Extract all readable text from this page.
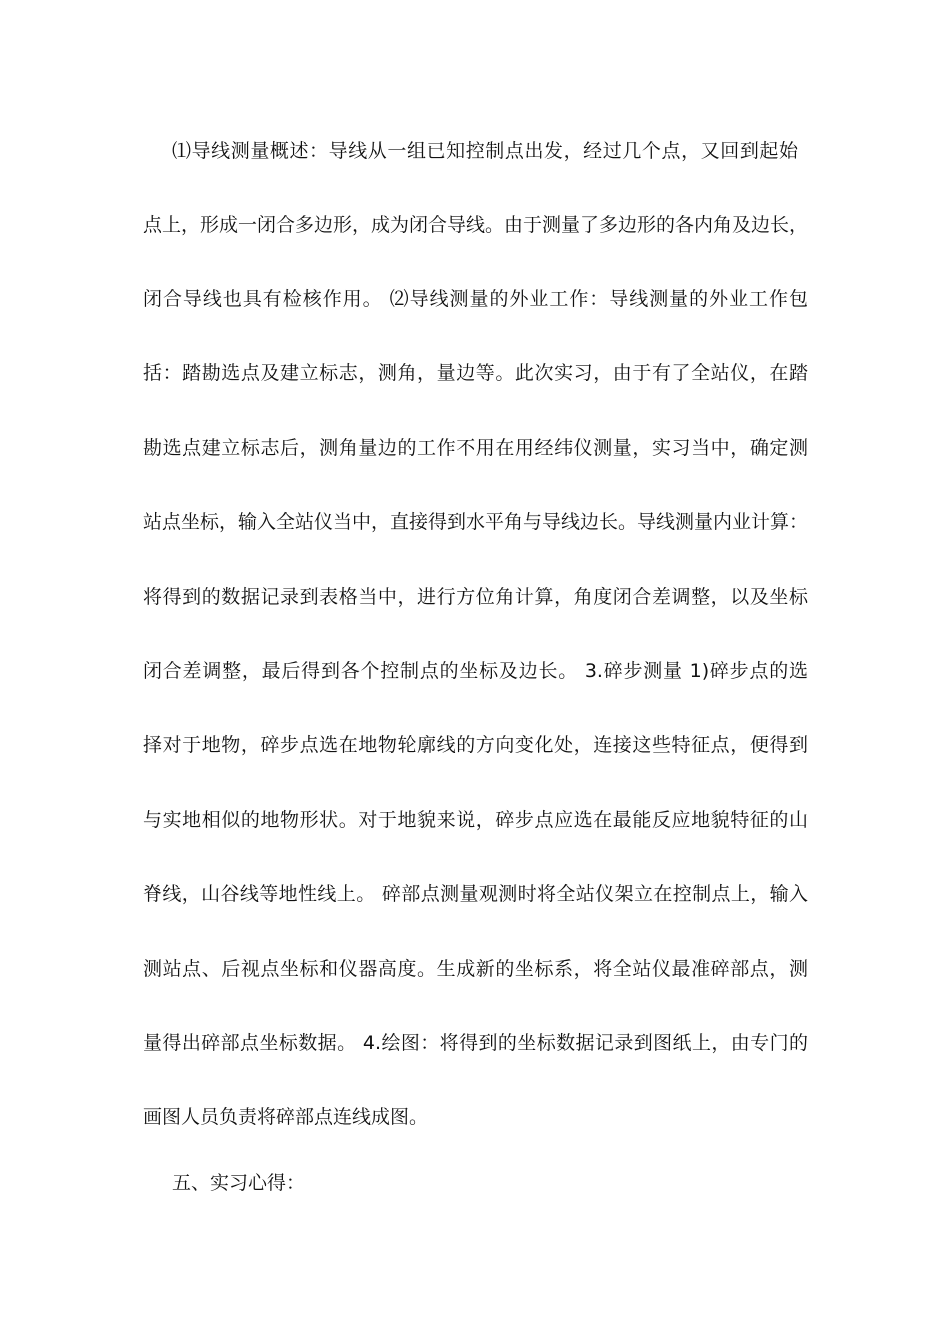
⑴导线测量概述：导线从一组已知控制点出发，经过几个点，又回到起始
点上，形成一闭合多边形，成为闭合导线。由于测量了多边形的各内角及边长，
闭合导线也具有检核作用。 ⑵导线测量的外业工作：导线测量的外业工作包
括：踏勘选点及建立标志，测角，量边等。此次实习，由于有了全站仪，在踏
勘选点建立标志后，测角量边的工作不用在用经纬仪测量，实习当中，确定测
站点坐标，输入全站仪当中，直接得到水平角与导线边长。导线测量内业计算：
将得到的数据记录到表格当中，进行方位角计算，角度闭合差调整，以及坐标
闭合差调整，最后得到各个控制点的坐标及边长。 3.碎步测量 1)碎步点的选
择对于地物，碎步点选在地物轮廓线的方向变化处，连接这些特征点，便得到
与实地相似的地物形状。对于地貌来说，碎步点应选在最能反应地貌特征的山
脊线，山谷线等地性线上。 碎部点测量观测时将全站仪架立在控制点上，输入
测站点、后视点坐标和仪器高度。生成新的坐标系，将全站仪最准碎部点，测
量得出碎部点坐标数据。 4.绘图：将得到的坐标数据记录到图纸上，由专门的
画图人员负责将碎部点连线成图。
五、实习心得：
